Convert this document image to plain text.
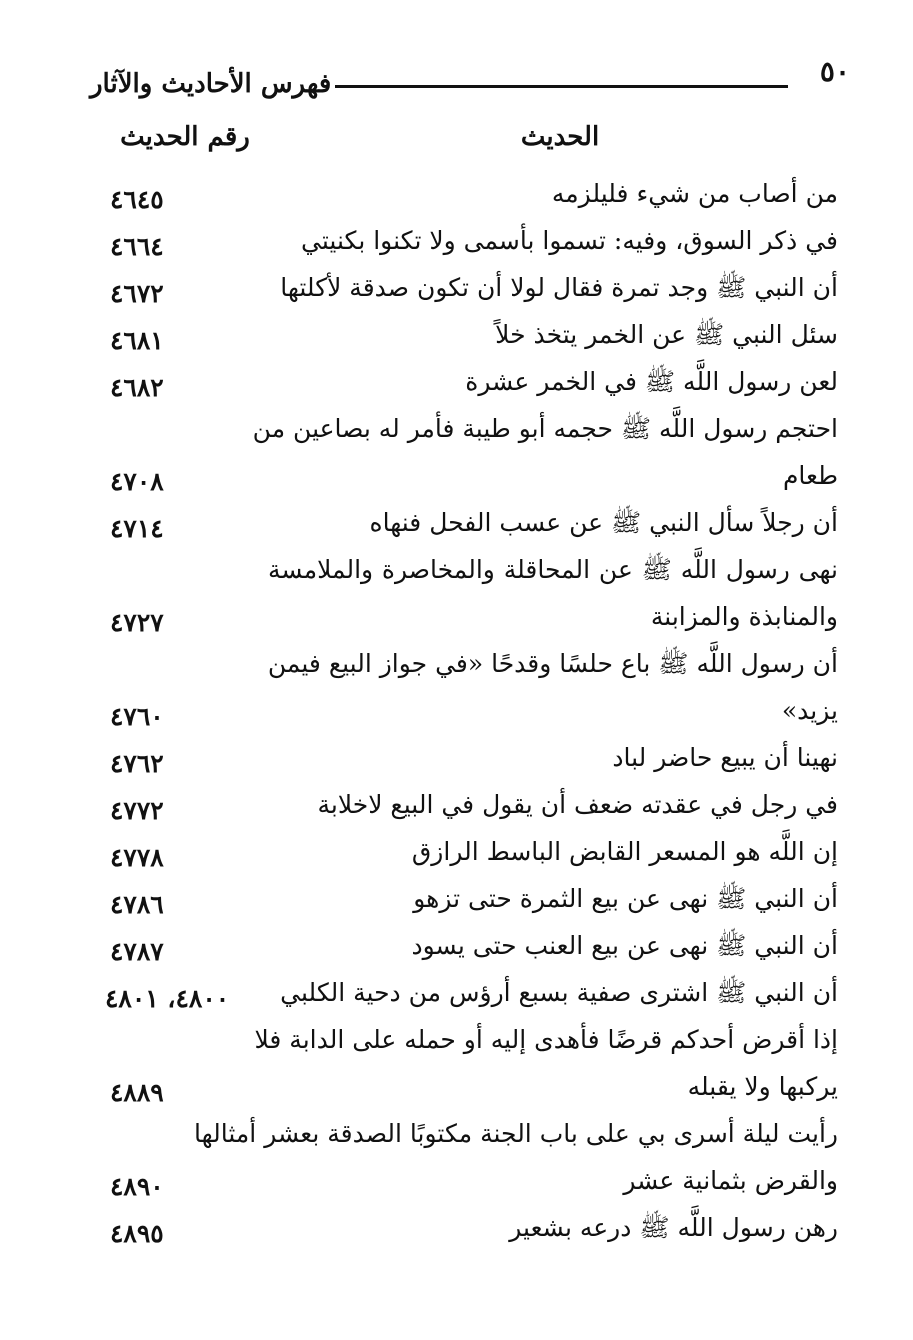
٥٠
فهرس الأحاديث والآثار
الحديث
رقم الحديث
من أصاب من شيء فليلزمه
٤٦٤٥
في ذكر السوق، وفيه: تسموا بأسمى ولا تكنوا بكنيتي
٤٦٦٤
أن النبي ﷺ وجد تمرة فقال لولا أن تكون صدقة لأكلتها
٤٦٧٢
سئل النبي ﷺ عن الخمر يتخذ خلاً
٤٦٨١
لعن رسول اللَّه ﷺ في الخمر عشرة
٤٦٨٢
احتجم رسول اللَّه ﷺ حجمه أبو طيبة فأمر له بصاعين من
طعام
٤٧٠٨
أن رجلاً سأل النبي ﷺ عن عسب الفحل فنهاه
٤٧١٤
نهى رسول اللَّه ﷺ عن المحاقلة والمخاصرة والملامسة
والمنابذة والمزابنة
٤٧٢٧
أن رسول اللَّه ﷺ باع حلسًا وقدحًا «في جواز البيع فيمن
يزيد»
٤٧٦٠
نهينا أن يبيع حاضر لباد
٤٧٦٢
في رجل في عقدته ضعف أن يقول في البيع لاخلابة
٤٧٧٢
إن اللَّه هو المسعر القابض الباسط الرازق
٤٧٧٨
أن النبي ﷺ نهى عن بيع الثمرة حتى تزهو
٤٧٨٦
أن النبي ﷺ نهى عن بيع العنب حتى يسود
٤٧٨٧
أن النبي ﷺ اشترى صفية بسبع أرؤس من دحية الكلبي
٤٨٠٠، ٤٨٠١
إذا أقرض أحدكم قرضًا فأهدى إليه أو حمله على الدابة فلا
يركبها ولا يقبله
٤٨٨٩
رأيت ليلة أسرى بي على باب الجنة مكتوبًا الصدقة بعشر أمثالها
والقرض بثمانية عشر
٤٨٩٠
رهن رسول اللَّه ﷺ درعه بشعير
٤٨٩٥
